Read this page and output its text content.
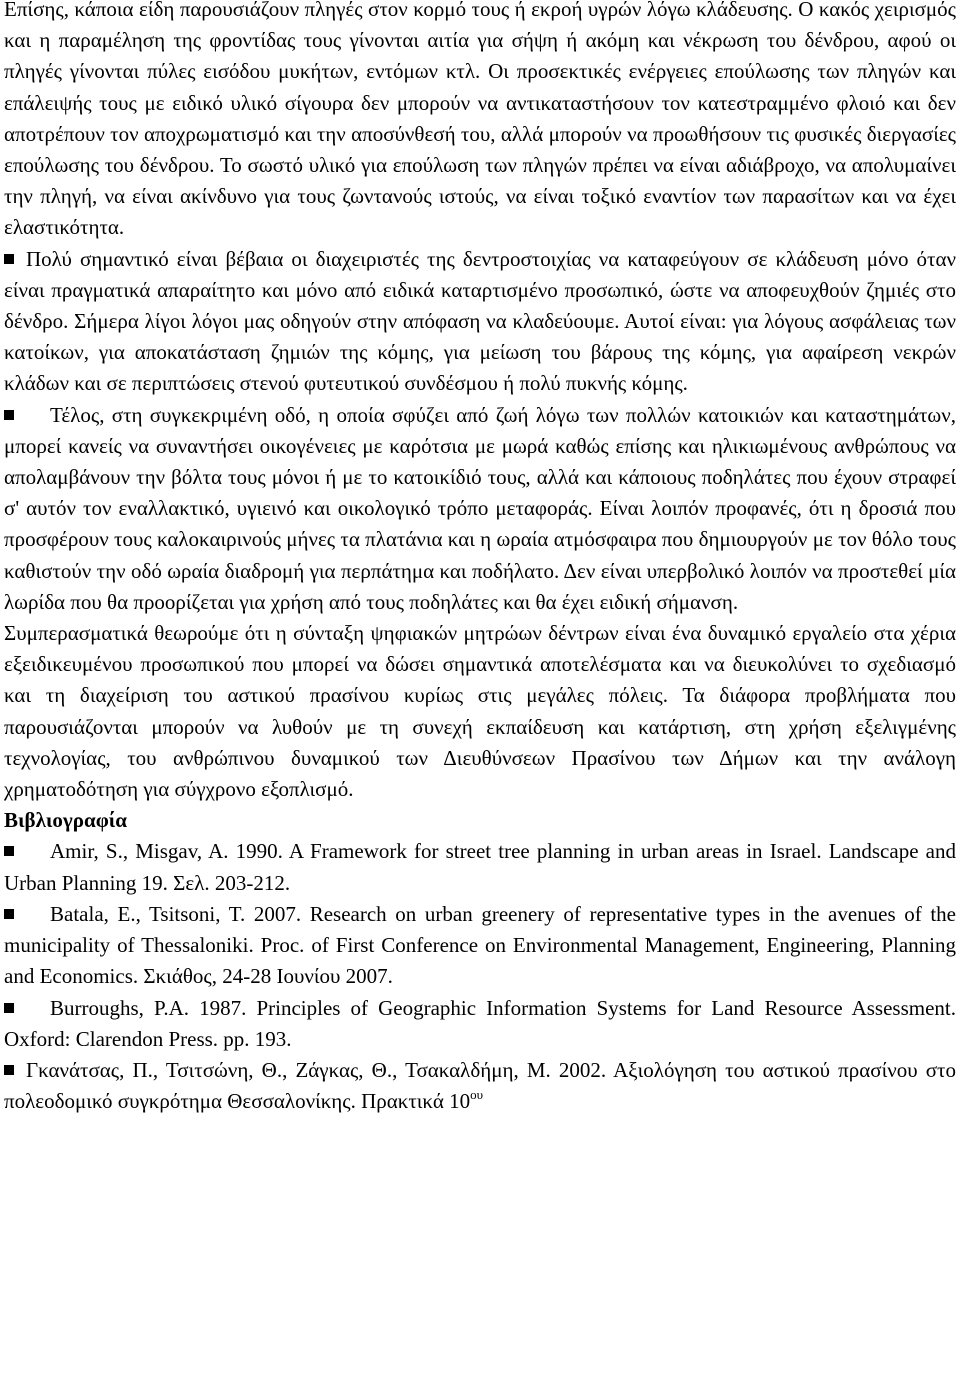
Επίσης, κάποια είδη παρουσιάζουν πληγές στον κορμό τους ή εκροή υγρών λόγω κλάδευσης. Ο κακός χειρισμός και η παραμέληση της φροντίδας τους γίνονται αιτία για σήψη ή ακόμη και νέκρωση του δένδρου, αφού οι πληγές γίνονται πύλες εισόδου μυκήτων, εντόμων κτλ. Οι προσεκτικές ενέργειες επούλωσης των πληγών και επάλειψής τους με ειδικό υλικό σίγουρα δεν μπορούν να αντικαταστήσουν τον κατεστραμμένο φλοιό και δεν αποτρέπουν τον αποχρωματισμό και την αποσύνθεσή του, αλλά μπορούν να προωθήσουν τις φυσικές διεργασίες επούλωσης του δένδρου. Το σωστό υλικό για επούλωση των πληγών πρέπει να είναι αδιάβροχο, να απολυμαίνει την πληγή, να είναι ακίνδυνο για τους ζωντανούς ιστούς, να είναι τοξικό εναντίον των παρασίτων και να έχει ελαστικότητα.

Πολύ σημαντικό είναι βέβαια οι διαχειριστές της δεντροστοιχίας να καταφεύγουν σε κλάδευση μόνο όταν είναι πραγματικά απαραίτητο και μόνο από ειδικά καταρτισμένο προσωπικό, ώστε να αποφευχθούν ζημιές στο δένδρο. Σήμερα λίγοι λόγοι μας οδηγούν στην απόφαση να κλαδεύουμε. Αυτοί είναι: για λόγους ασφάλειας των κατοίκων, για αποκατάσταση ζημιών της κόμης, για μείωση του βάρους της κόμης, για αφαίρεση νεκρών κλάδων και σε περιπτώσεις στενού φυτευτικού συνδέσμου ή πολύ πυκνής κόμης.

Τέλος, στη συγκεκριμένη οδό, η οποία σφύζει από ζωή λόγω των πολλών κατοικιών και καταστημάτων, μπορεί κανείς να συναντήσει οικογένειες με καρότσια με μωρά καθώς επίσης και ηλικιωμένους ανθρώπους να απολαμβάνουν την βόλτα τους μόνοι ή με το κατοικίδιό τους, αλλά και κάποιους ποδηλάτες που έχουν στραφεί σ' αυτόν τον εναλλακτικό, υγιεινό και οικολογικό τρόπο μεταφοράς. Είναι λοιπόν προφανές, ότι η δροσιά που προσφέρουν τους καλοκαιρινούς μήνες τα πλατάνια και η ωραία ατμόσφαιρα που δημιουργούν με τον θόλο τους καθιστούν την οδό ωραία διαδρομή για περπάτημα και ποδήλατο. Δεν είναι υπερβολικό λοιπόν να προστεθεί μία λωρίδα που θα προορίζεται για χρήση από τους ποδηλάτες και θα έχει ειδική σήμανση.

Συμπερασματικά θεωρούμε ότι η σύνταξη ψηφιακών μητρώων δέντρων είναι ένα δυναμικό εργαλείο στα χέρια εξειδικευμένου προσωπικού που μπορεί να δώσει σημαντικά αποτελέσματα και να διευκολύνει το σχεδιασμό και τη διαχείριση του αστικού πρασίνου κυρίως στις μεγάλες πόλεις. Τα διάφορα προβλήματα που παρουσιάζονται μπορούν να λυθούν με τη συνεχή εκπαίδευση και κατάρτιση, στη χρήση εξελιγμένης τεχνολογίας, του ανθρώπινου δυναμικού των Διευθύνσεων Πρασίνου των Δήμων και την ανάλογη χρηματοδότηση για σύγχρονο εξοπλισμό.

Βιβλιογραφία

Amir, S., Misgav, A. 1990. A Framework for street tree planning in urban areas in Israel. Landscape and Urban Planning 19. Σελ. 203-212.

Batala, E., Tsitsoni, T. 2007. Research on urban greenery of representative types in the avenues of the municipality of Thessaloniki. Proc. of First Conference on Environmental Management, Engineering, Planning and Economics. Σκιάθος, 24-28 Ιουνίου 2007.

Burroughs, P.A. 1987. Principles of Geographic Information Systems for Land Resource Assessment. Oxford: Clarendon Press. pp. 193.

Γκανάτσας, Π., Τσιτσώνη, Θ., Ζάγκας, Θ., Τσακαλδήμη, Μ. 2002. Αξιολόγηση του αστικού πρασίνου στο πολεοδομικό συγκρότημα Θεσσαλονίκης. Πρακτικά $10^{o\upsilon}$
